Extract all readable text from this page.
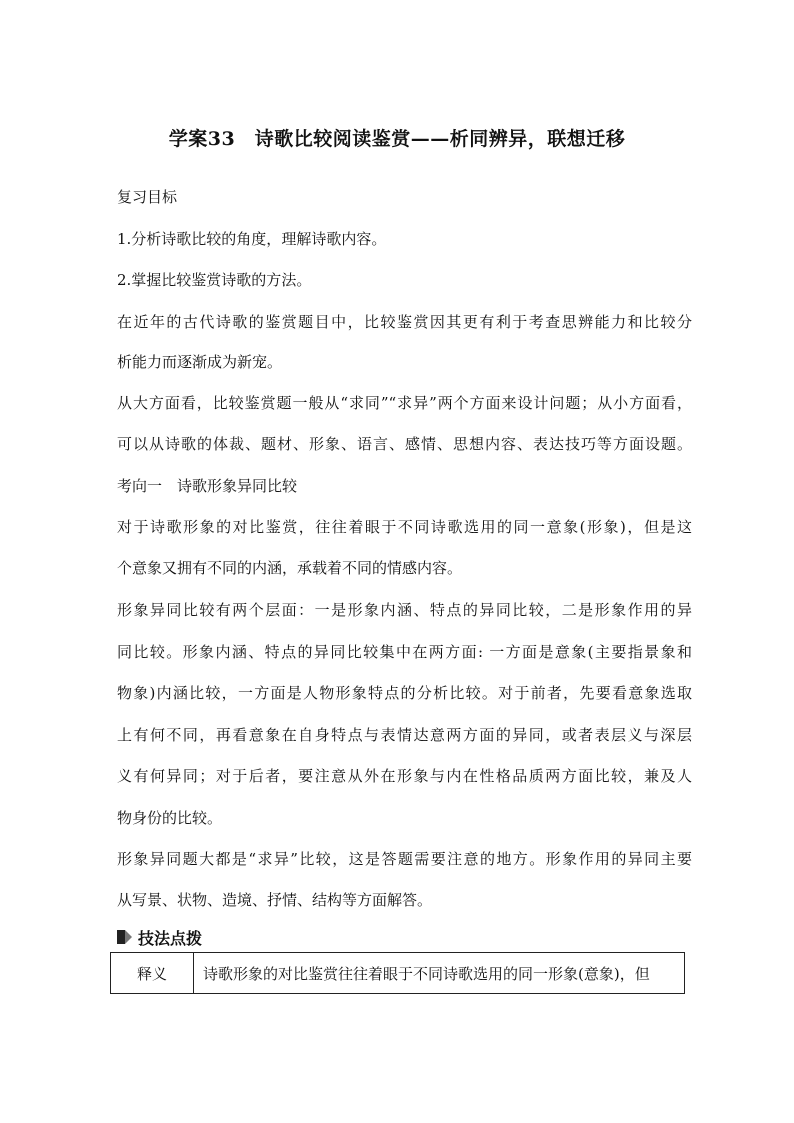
学案33　诗歌比较阅读鉴赏——析同辨异，联想迁移
复习目标
1.分析诗歌比较的角度，理解诗歌内容。
2.掌握比较鉴赏诗歌的方法。
在近年的古代诗歌的鉴赏题目中，比较鉴赏因其更有利于考查思辨能力和比较分
析能力而逐渐成为新宠。
从大方面看，比较鉴赏题一般从“求同”“求异”两个方面来设计问题；从小方面看，
可以从诗歌的体裁、题材、形象、语言、感情、思想内容、表达技巧等方面设题。
考向一　诗歌形象异同比较
对于诗歌形象的对比鉴赏，往往着眼于不同诗歌选用的同一意象(形象)，但是这
个意象又拥有不同的内涵，承载着不同的情感内容。
形象异同比较有两个层面：一是形象内涵、特点的异同比较，二是形象作用的异
同比较。形象内涵、特点的异同比较集中在两方面: 一方面是意象(主要指景象和
物象)内涵比较，一方面是人物形象特点的分析比较。对于前者，先要看意象选取
上有何不同，再看意象在自身特点与表情达意两方面的异同，或者表层义与深层
义有何异同；对于后者，要注意从外在形象与内在性格品质两方面比较，兼及人
物身份的比较。
形象异同题大都是“求异”比较，这是答题需要注意的地方。形象作用的异同主要
从写景、状物、造境、抒情、结构等方面解答。
技法点拨
释义	诗歌形象的对比鉴赏往往着眼于不同诗歌选用的同一形象(意象)，但
